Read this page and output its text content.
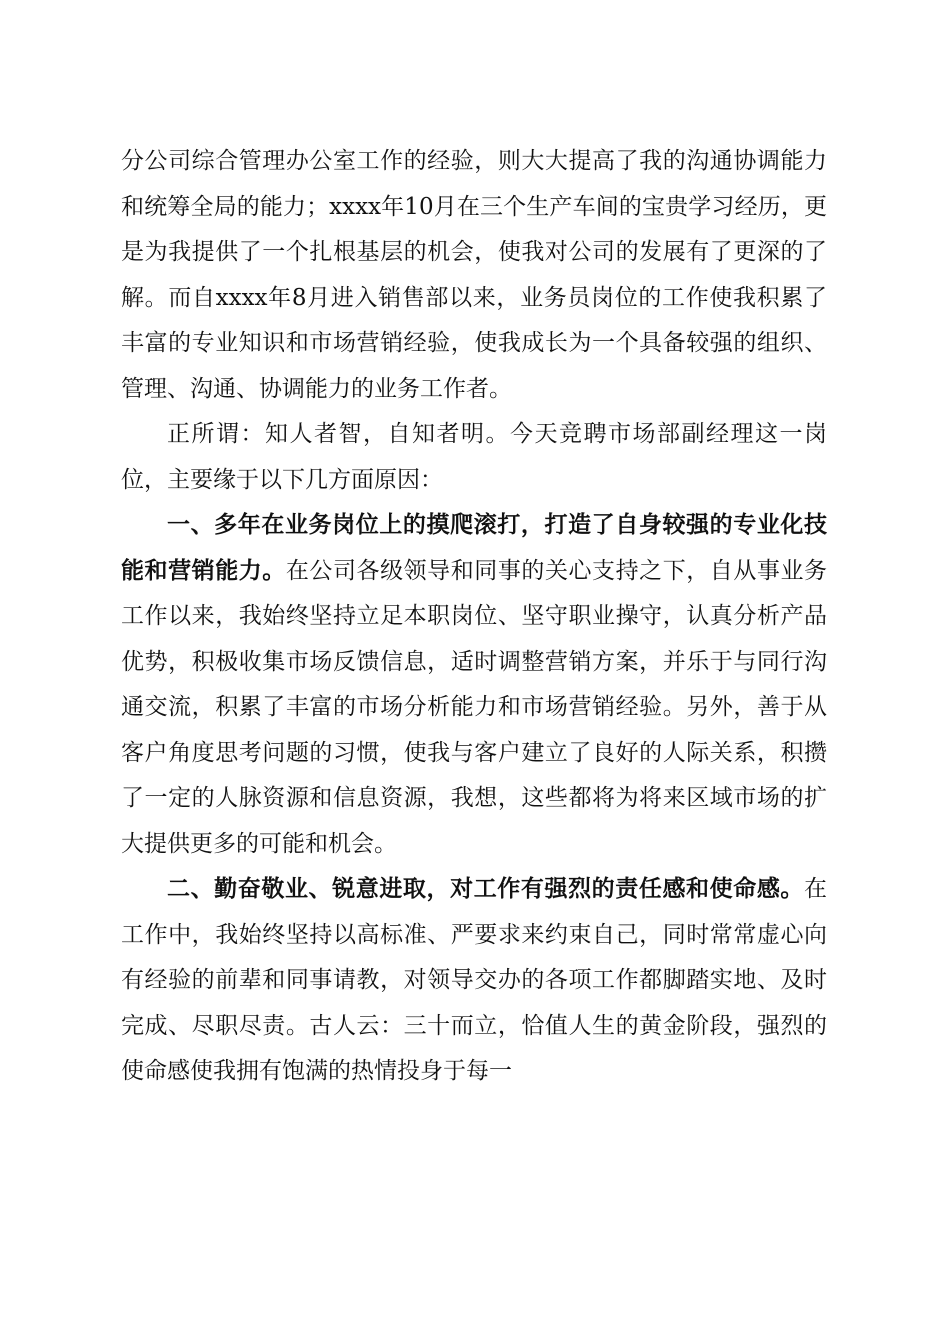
分公司综合管理办公室工作的经验，则大大提高了我的沟通协调能力和统筹全局的能力；xxxx年10月在三个生产车间的宝贵学习经历，更是为我提供了一个扎根基层的机会，使我对公司的发展有了更深的了解。而自xxxx年8月进入销售部以来，业务员岗位的工作使我积累了丰富的专业知识和市场营销经验，使我成长为一个具备较强的组织、管理、沟通、协调能力的业务工作者。

正所谓：知人者智，自知者明。今天竞聘市场部副经理这一岗位，主要缘于以下几方面原因：

一、多年在业务岗位上的摸爬滚打，打造了自身较强的专业化技能和营销能力。在公司各级领导和同事的关心支持之下，自从事业务工作以来，我始终坚持立足本职岗位、坚守职业操守，认真分析产品优势，积极收集市场反馈信息，适时调整营销方案，并乐于与同行沟通交流，积累了丰富的市场分析能力和市场营销经验。另外，善于从客户角度思考问题的习惯，使我与客户建立了良好的人际关系，积攒了一定的人脉资源和信息资源，我想，这些都将为将来区域市场的扩大提供更多的可能和机会。

二、勤奋敬业、锐意进取，对工作有强烈的责任感和使命感。在工作中，我始终坚持以高标准、严要求来约束自己，同时常常虚心向有经验的前辈和同事请教，对领导交办的各项工作都脚踏实地、及时完成、尽职尽责。古人云：三十而立，恰值人生的黄金阶段，强烈的使命感使我拥有饱满的热情投身于每一
